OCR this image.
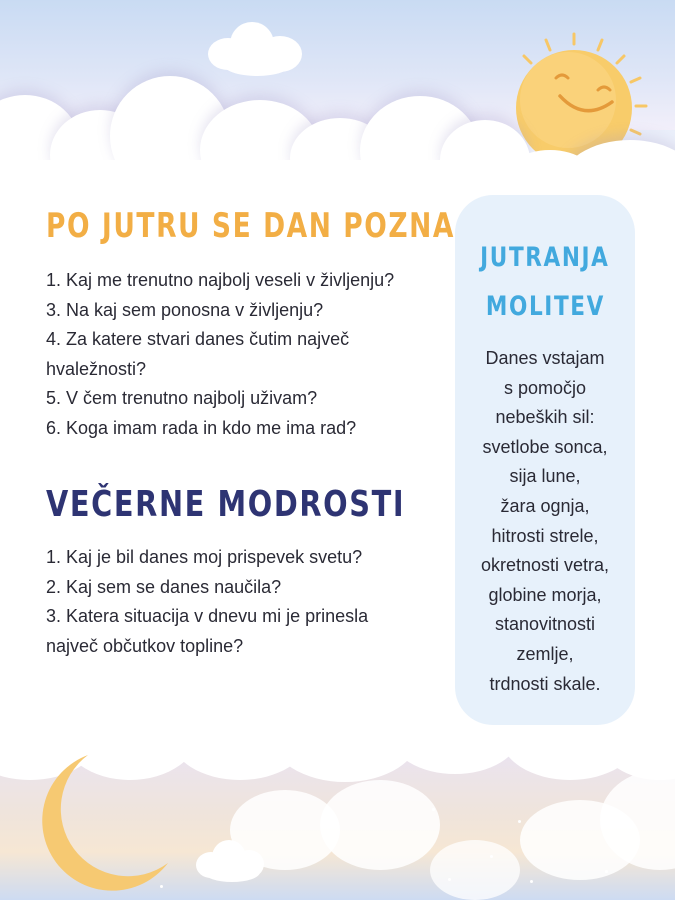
PO JUTRU SE DAN POZNA
1. Kaj me trenutno najbolj veseli v življenju?
3. Na kaj sem ponosna v življenju?
4. Za katere stvari danes čutim največ
hvaležnosti?
5. V čem trenutno najbolj uživam?
6. Koga imam rada in kdo me ima rad?
VEČERNE MODROSTI
1. Kaj je bil danes moj prispevek svetu?
2. Kaj sem se danes naučila?
3. Katera situacija v dnevu mi je prinesla
največ občutkov topline?
JUTRANJA
MOLITEV
Danes vstajam
s pomočjo
nebeških sil:
svetlobe sonca,
sija lune,
žara ognja,
hitrosti strele,
okretnosti vetra,
globine morja,
stanovitnosti
zemlje,
trdnosti skale.
